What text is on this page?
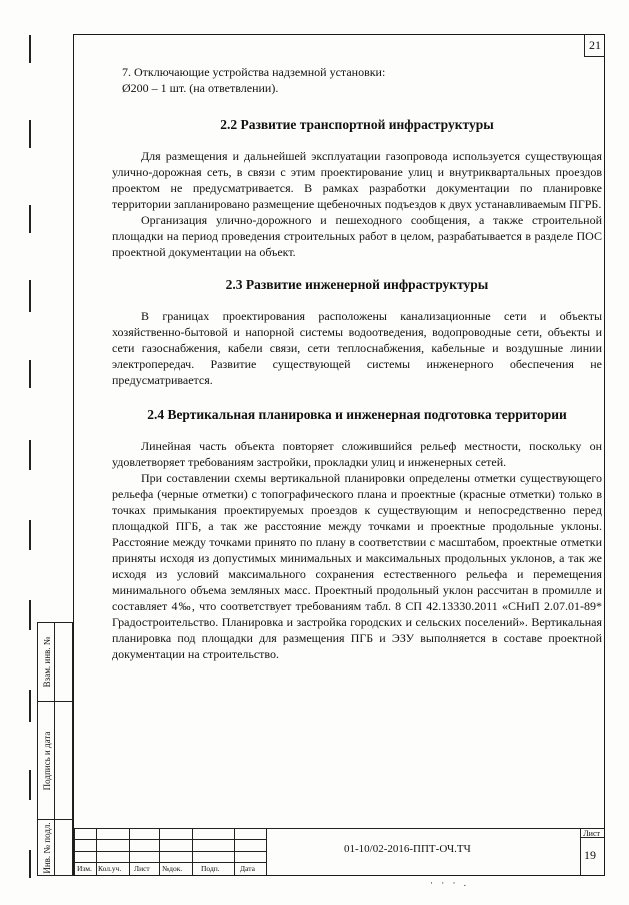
21

7. Отключающие устройства надземной установки:

Ø200 – 1 шт. (на ответвлении).

2.2 Развитие транспортной инфраструктуры

Для размещения и дальнейшей эксплуатации газопровода используется существующая улично-дорожная сеть, в связи с этим проектирование улиц и внутриквартальных проездов проектом не предусматривается. В рамках разработки документации по планировке территории запланировано размещение щебеночных подъездов к двух устанавливаемым ПГРБ.

Организация улично-дорожного и пешеходного сообщения, а также строительной площадки на период проведения строительных работ в целом, разрабатывается в разделе ПОС проектной документации на объект.

2.3 Развитие инженерной инфраструктуры

В границах проектирования расположены канализационные сети и объекты хозяйственно-бытовой и напорной системы водоотведения, водопроводные сети, объекты и сети газоснабжения, кабели связи, сети теплоснабжения, кабельные и воздушные линии электропередач. Развитие существующей системы инженерного обеспечения не предусматривается.

2.4 Вертикальная планировка и инженерная подготовка территории

Линейная часть объекта повторяет сложившийся рельеф местности, поскольку он удовлетворяет требованиям застройки, прокладки улиц и инженерных сетей.

При составлении схемы вертикальной планировки определены отметки существующего рельефа (черные отметки) с топографического плана и проектные (красные отметки) только в точках примыкания проектируемых проездов к существующим и непосредственно перед площадкой ПГБ, а так же расстояние между точками и проектные продольные уклоны. Расстояние между точками принято по плану в соответствии с масштабом, проектные отметки приняты исходя из допустимых минимальных и максимальных продольных уклонов, а так же исходя из условий максимального сохранения естественного рельефа и перемещения минимального объема земляных масс. Проектный продольный уклон рассчитан в промилле и составляет 4‰, что соответствует требованиям табл. 8 СП 42.13330.2011 «СНиП 2.07.01-89* Градостроительство. Планировка и застройка городских и сельских поселений». Вертикальная планировка под площадки для размещения ПГБ и ЭЗУ выполняется в составе проектной документации на строительство.

Взам. инв. №
Подпись и дата
Инв. № подл.	Изм. Кол.уч. Лист №док.	Подп.	Дата
01-10/02-2016-ППТ-ОЧ.ТЧ
Лист
19
· · · .
